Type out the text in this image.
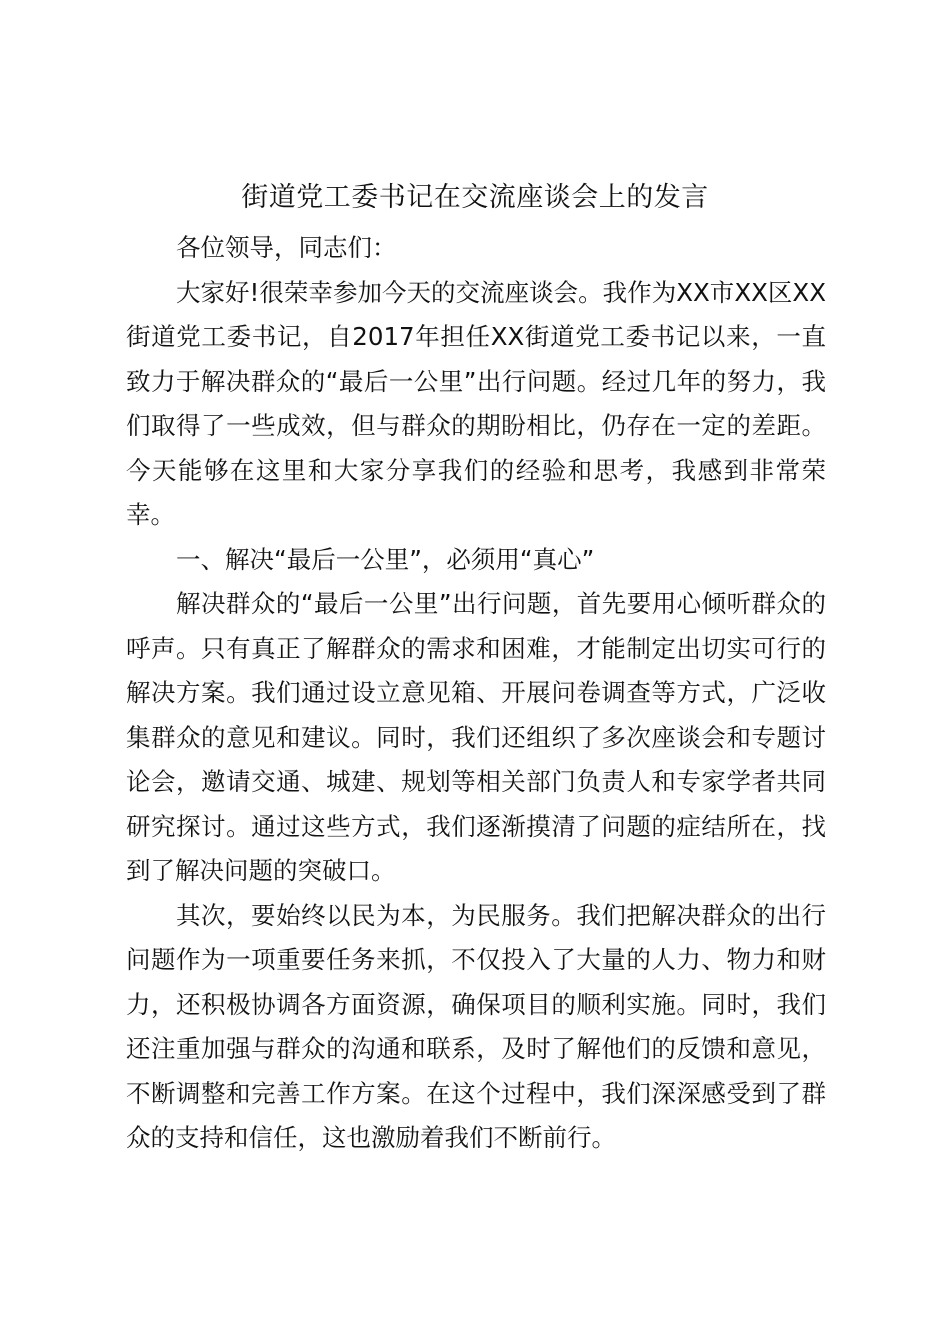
街道党工委书记在交流座谈会上的发言

各位领导，同志们：

大家好!很荣幸参加今天的交流座谈会。我作为XX市XX区XX街道党工委书记，自2017年担任XX街道党工委书记以来，一直致力于解决群众的“最后一公里”出行问题。经过几年的努力，我们取得了一些成效，但与群众的期盼相比，仍存在一定的差距。今天能够在这里和大家分享我们的经验和思考，我感到非常荣幸。

一、解决“最后一公里”，必须用“真心”

解决群众的“最后一公里”出行问题，首先要用心倾听群众的呼声。只有真正了解群众的需求和困难，才能制定出切实可行的解决方案。我们通过设立意见箱、开展问卷调查等方式，广泛收集群众的意见和建议。同时，我们还组织了多次座谈会和专题讨论会，邀请交通、城建、规划等相关部门负责人和专家学者共同研究探讨。通过这些方式，我们逐渐摸清了问题的症结所在，找到了解决问题的突破口。

其次，要始终以民为本，为民服务。我们把解决群众的出行问题作为一项重要任务来抓，不仅投入了大量的人力、物力和财力，还积极协调各方面资源，确保项目的顺利实施。同时，我们还注重加强与群众的沟通和联系，及时了解他们的反馈和意见，不断调整和完善工作方案。在这个过程中，我们深深感受到了群众的支持和信任，这也激励着我们不断前行。
